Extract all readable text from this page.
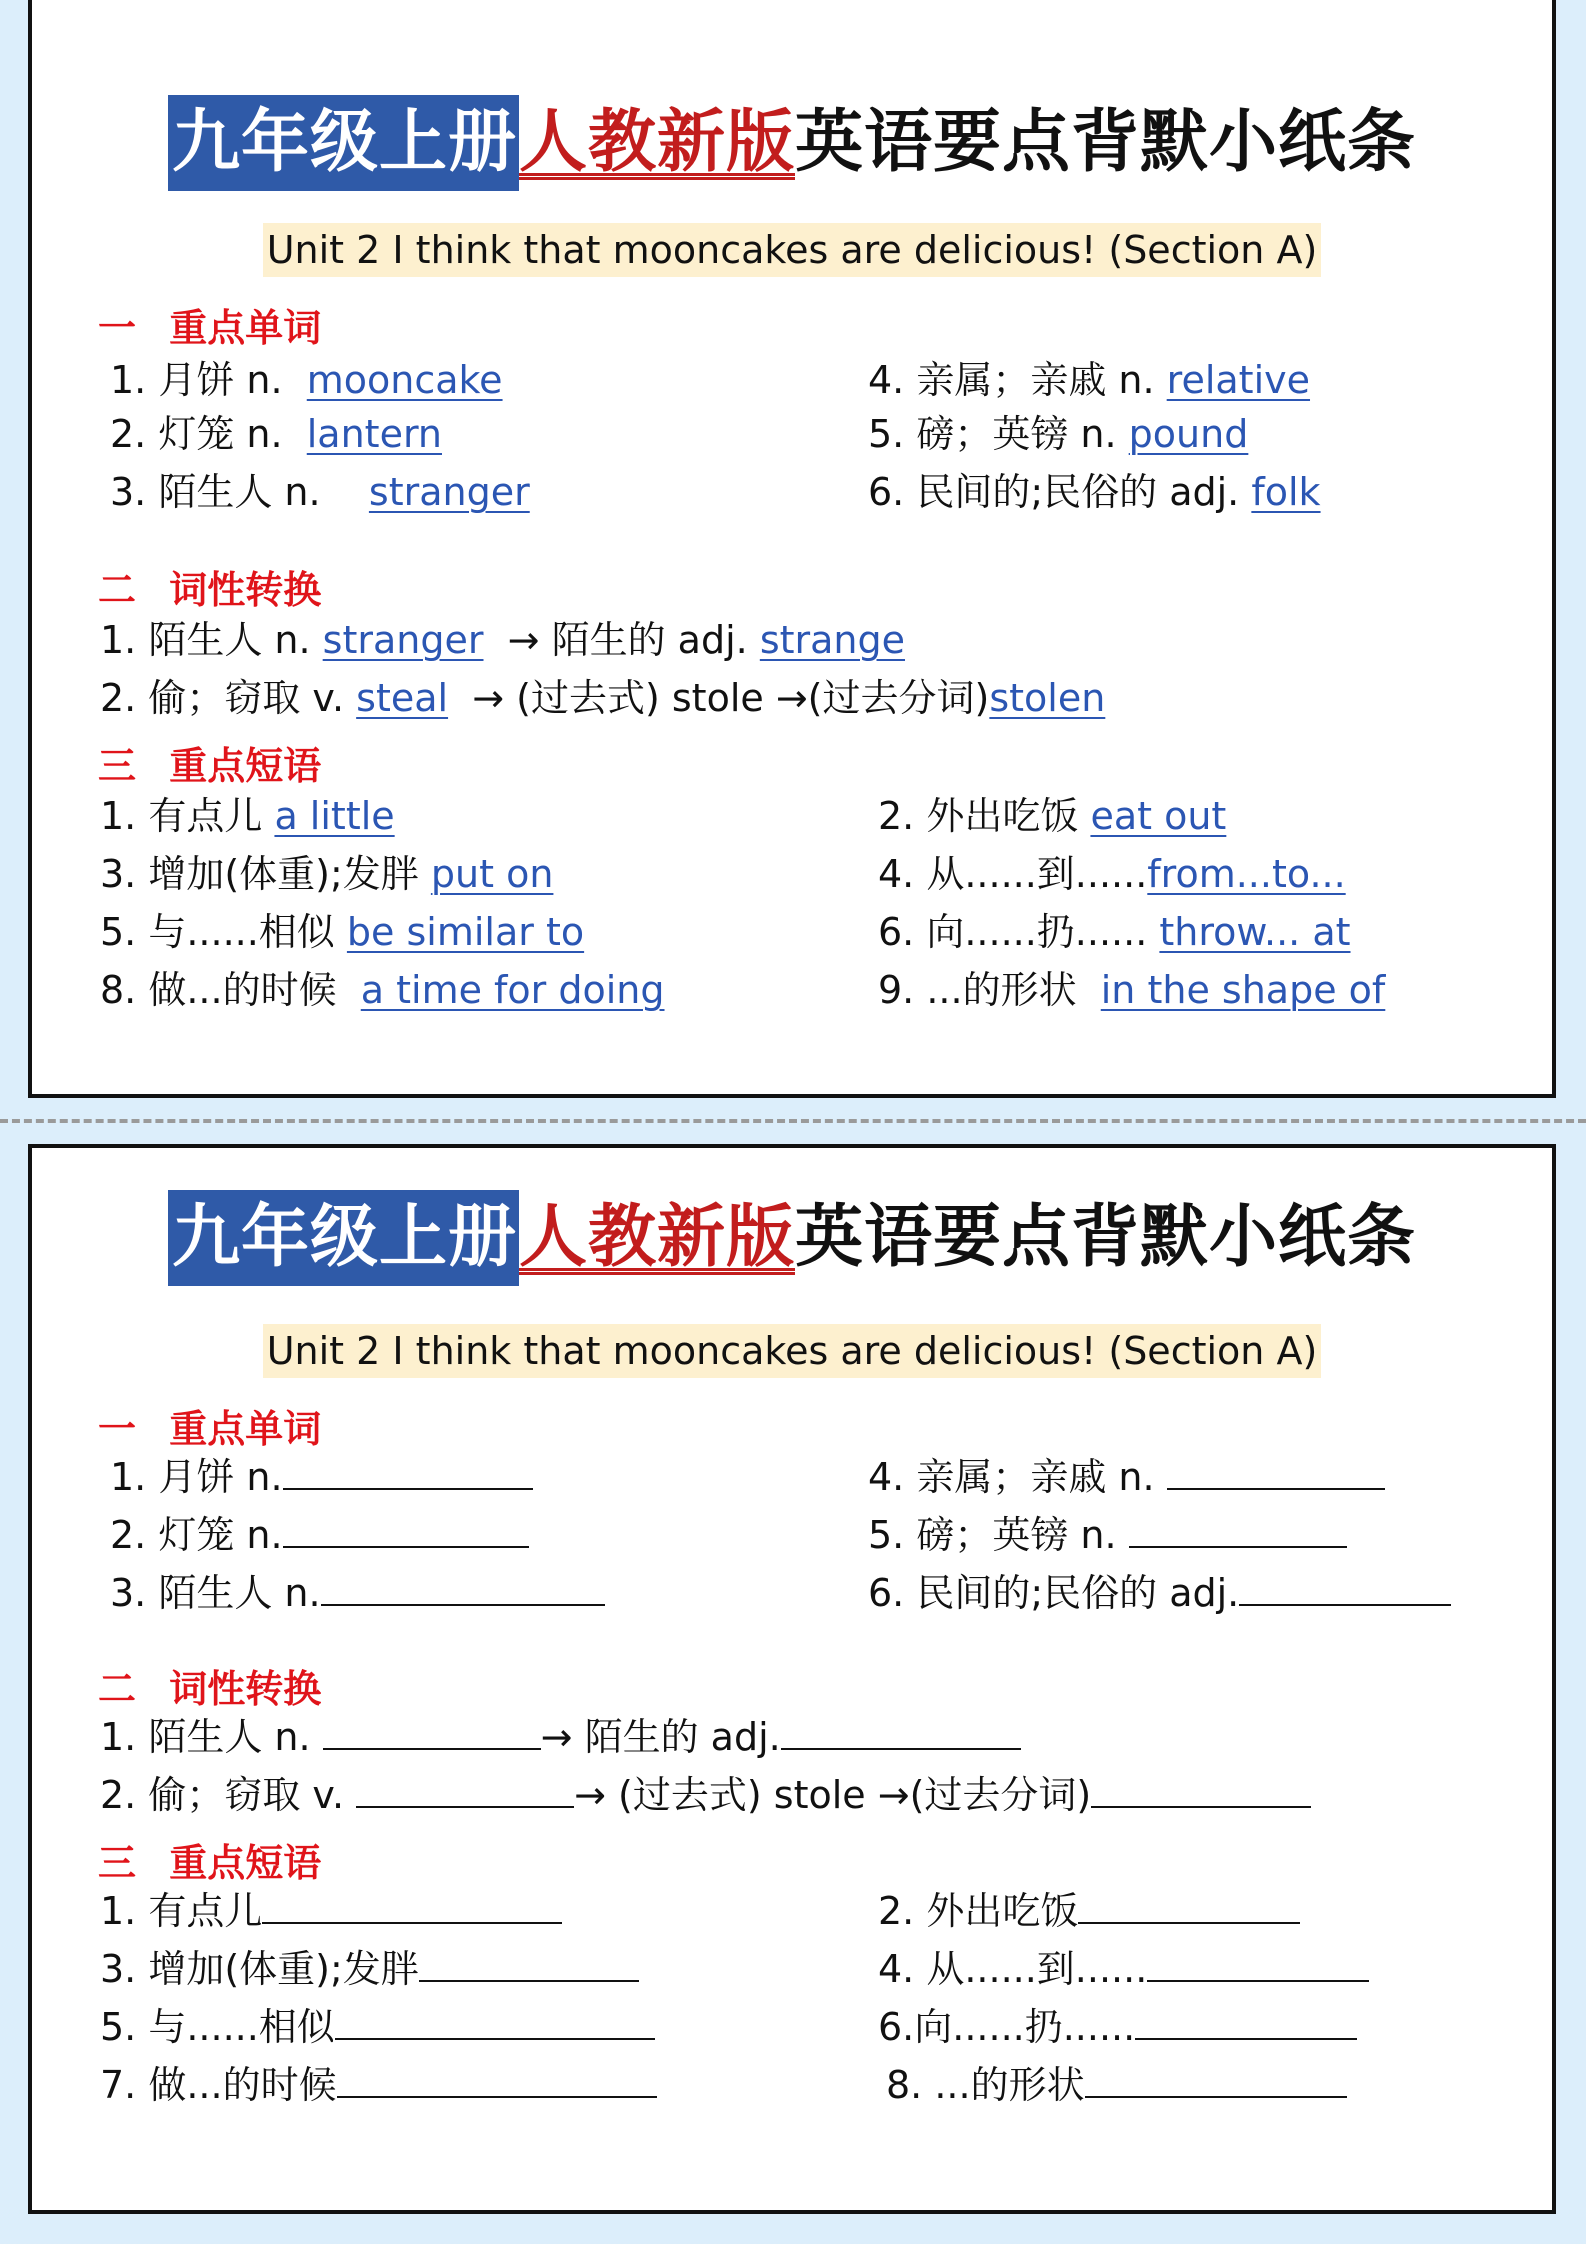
九年级上册人教新版英语要点背默小纸条
Unit 2 I think that mooncakes are delicious! (Section A)
一 重点单词
1. 月饼 n. mooncake
2. 灯笼 n. lantern
3. 陌生人 n. stranger
4. 亲属；亲戚 n. relative
5. 磅；英镑 n. pound
6. 民间的;民俗的 adj. folk
二 词性转换
1. 陌生人 n. stranger → 陌生的 adj. strange
2. 偷；窃取 v. steal → (过去式) stole →(过去分词)stolen
三 重点短语
1. 有点儿 a little	2. 外出吃饭 eat out
3. 增加(体重);发胖 put on	4. 从......到......from...to...
5. 与......相似 be similar to	6. 向......扔...... throw... at
8. 做...的时候 a time for doing	9. ...的形状 in the shape of
九年级上册人教新版英语要点背默小纸条
Unit 2 I think that mooncakes are delicious! (Section A)
一 重点单词
1. 月饼 n.
2. 灯笼 n.
3. 陌生人 n.
4. 亲属；亲戚 n.
5. 磅；英镑 n.
6. 民间的;民俗的 adj.
二 词性转换
1. 陌生人 n.	→ 陌生的 adj.
2. 偷；窃取 v.	→ (过去式) stole →(过去分词)
三 重点短语
1. 有点儿	2. 外出吃饭
3. 增加(体重);发胖	4. 从......到......
5. 与......相似	6.向......扔......
7. 做...的时候	8. ...的形状
